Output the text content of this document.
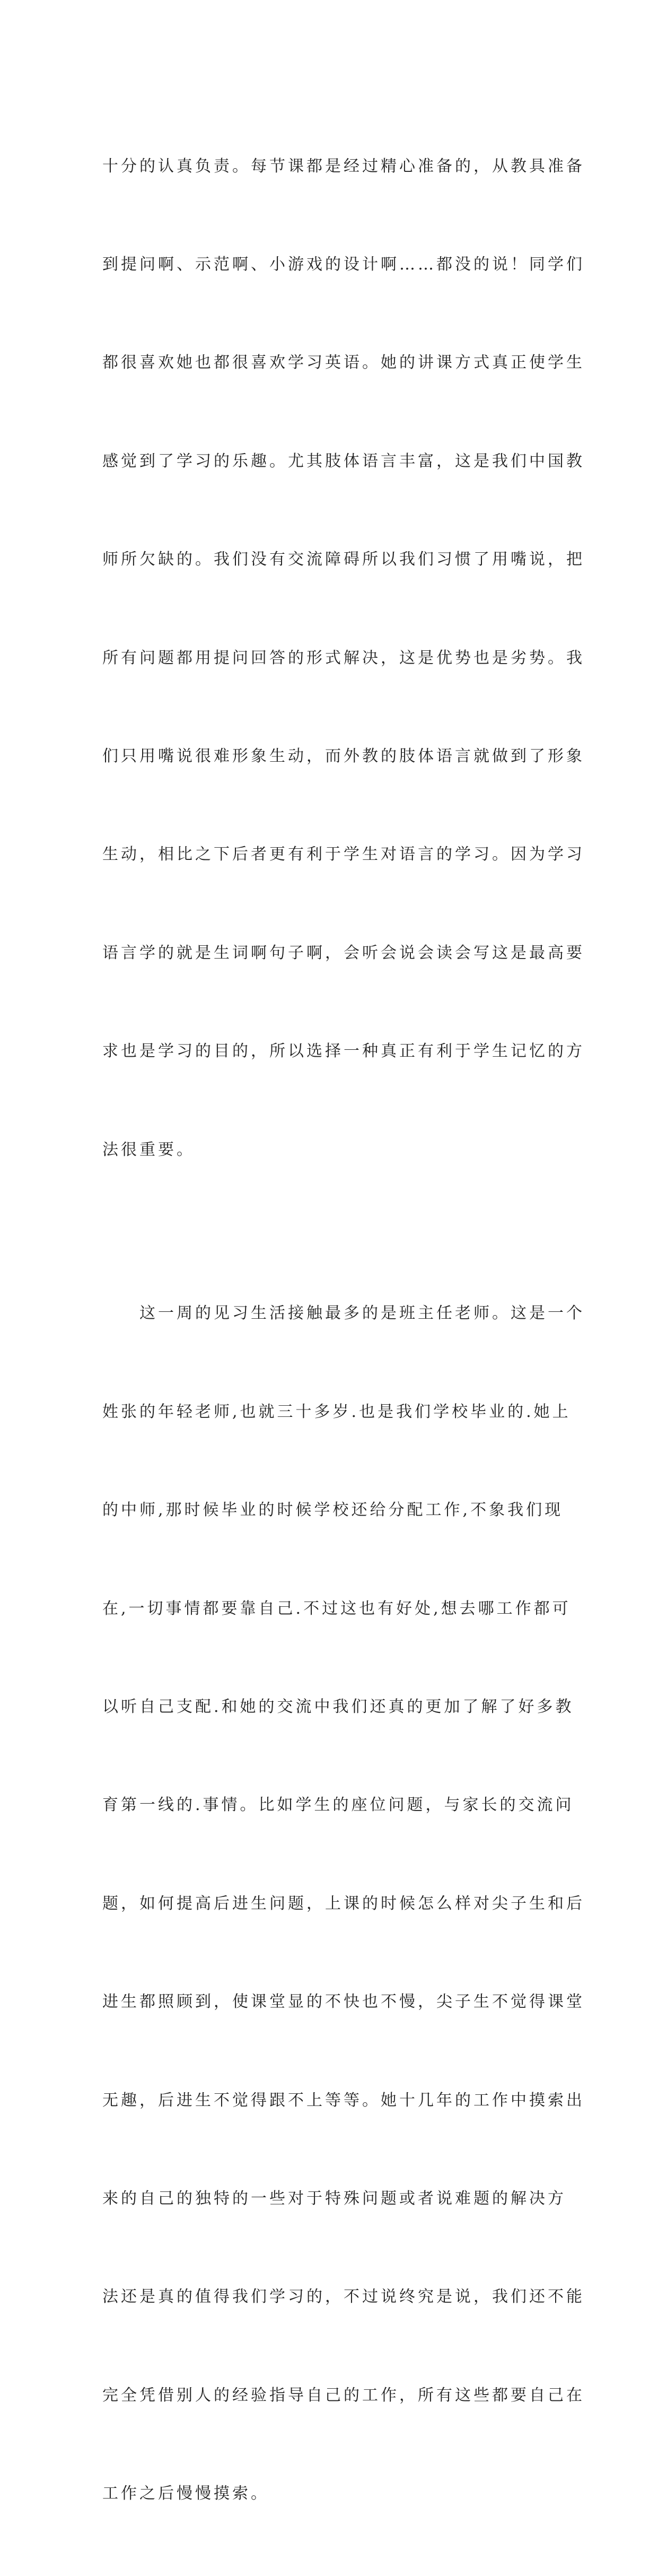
十分的认真负责。每节课都是经过精心准备的，从教具准备

到提问啊、示范啊、小游戏的设计啊……都没的说！同学们

都很喜欢她也都很喜欢学习英语。她的讲课方式真正使学生

感觉到了学习的乐趣。尤其肢体语言丰富，这是我们中国教

师所欠缺的。我们没有交流障碍所以我们习惯了用嘴说，把

所有问题都用提问回答的形式解决，这是优势也是劣势。我

们只用嘴说很难形象生动，而外教的肢体语言就做到了形象

生动，相比之下后者更有利于学生对语言的学习。因为学习

语言学的就是生词啊句子啊，会听会说会读会写这是最高要

求也是学习的目的，所以选择一种真正有利于学生记忆的方

法很重要。

　　这一周的见习生活接触最多的是班主任老师。这是一个

姓张的年轻老师,也就三十多岁.也是我们学校毕业的.她上

的中师,那时候毕业的时候学校还给分配工作,不象我们现

在,一切事情都要靠自己.不过这也有好处,想去哪工作都可

以听自己支配.和她的交流中我们还真的更加了解了好多教

育第一线的.事情。比如学生的座位问题，与家长的交流问

题，如何提高后进生问题，上课的时候怎么样对尖子生和后

进生都照顾到，使课堂显的不快也不慢，尖子生不觉得课堂

无趣，后进生不觉得跟不上等等。她十几年的工作中摸索出

来的自己的独特的一些对于特殊问题或者说难题的解决方

法还是真的值得我们学习的，不过说终究是说，我们还不能

完全凭借别人的经验指导自己的工作，所有这些都要自己在

工作之后慢慢摸索。
